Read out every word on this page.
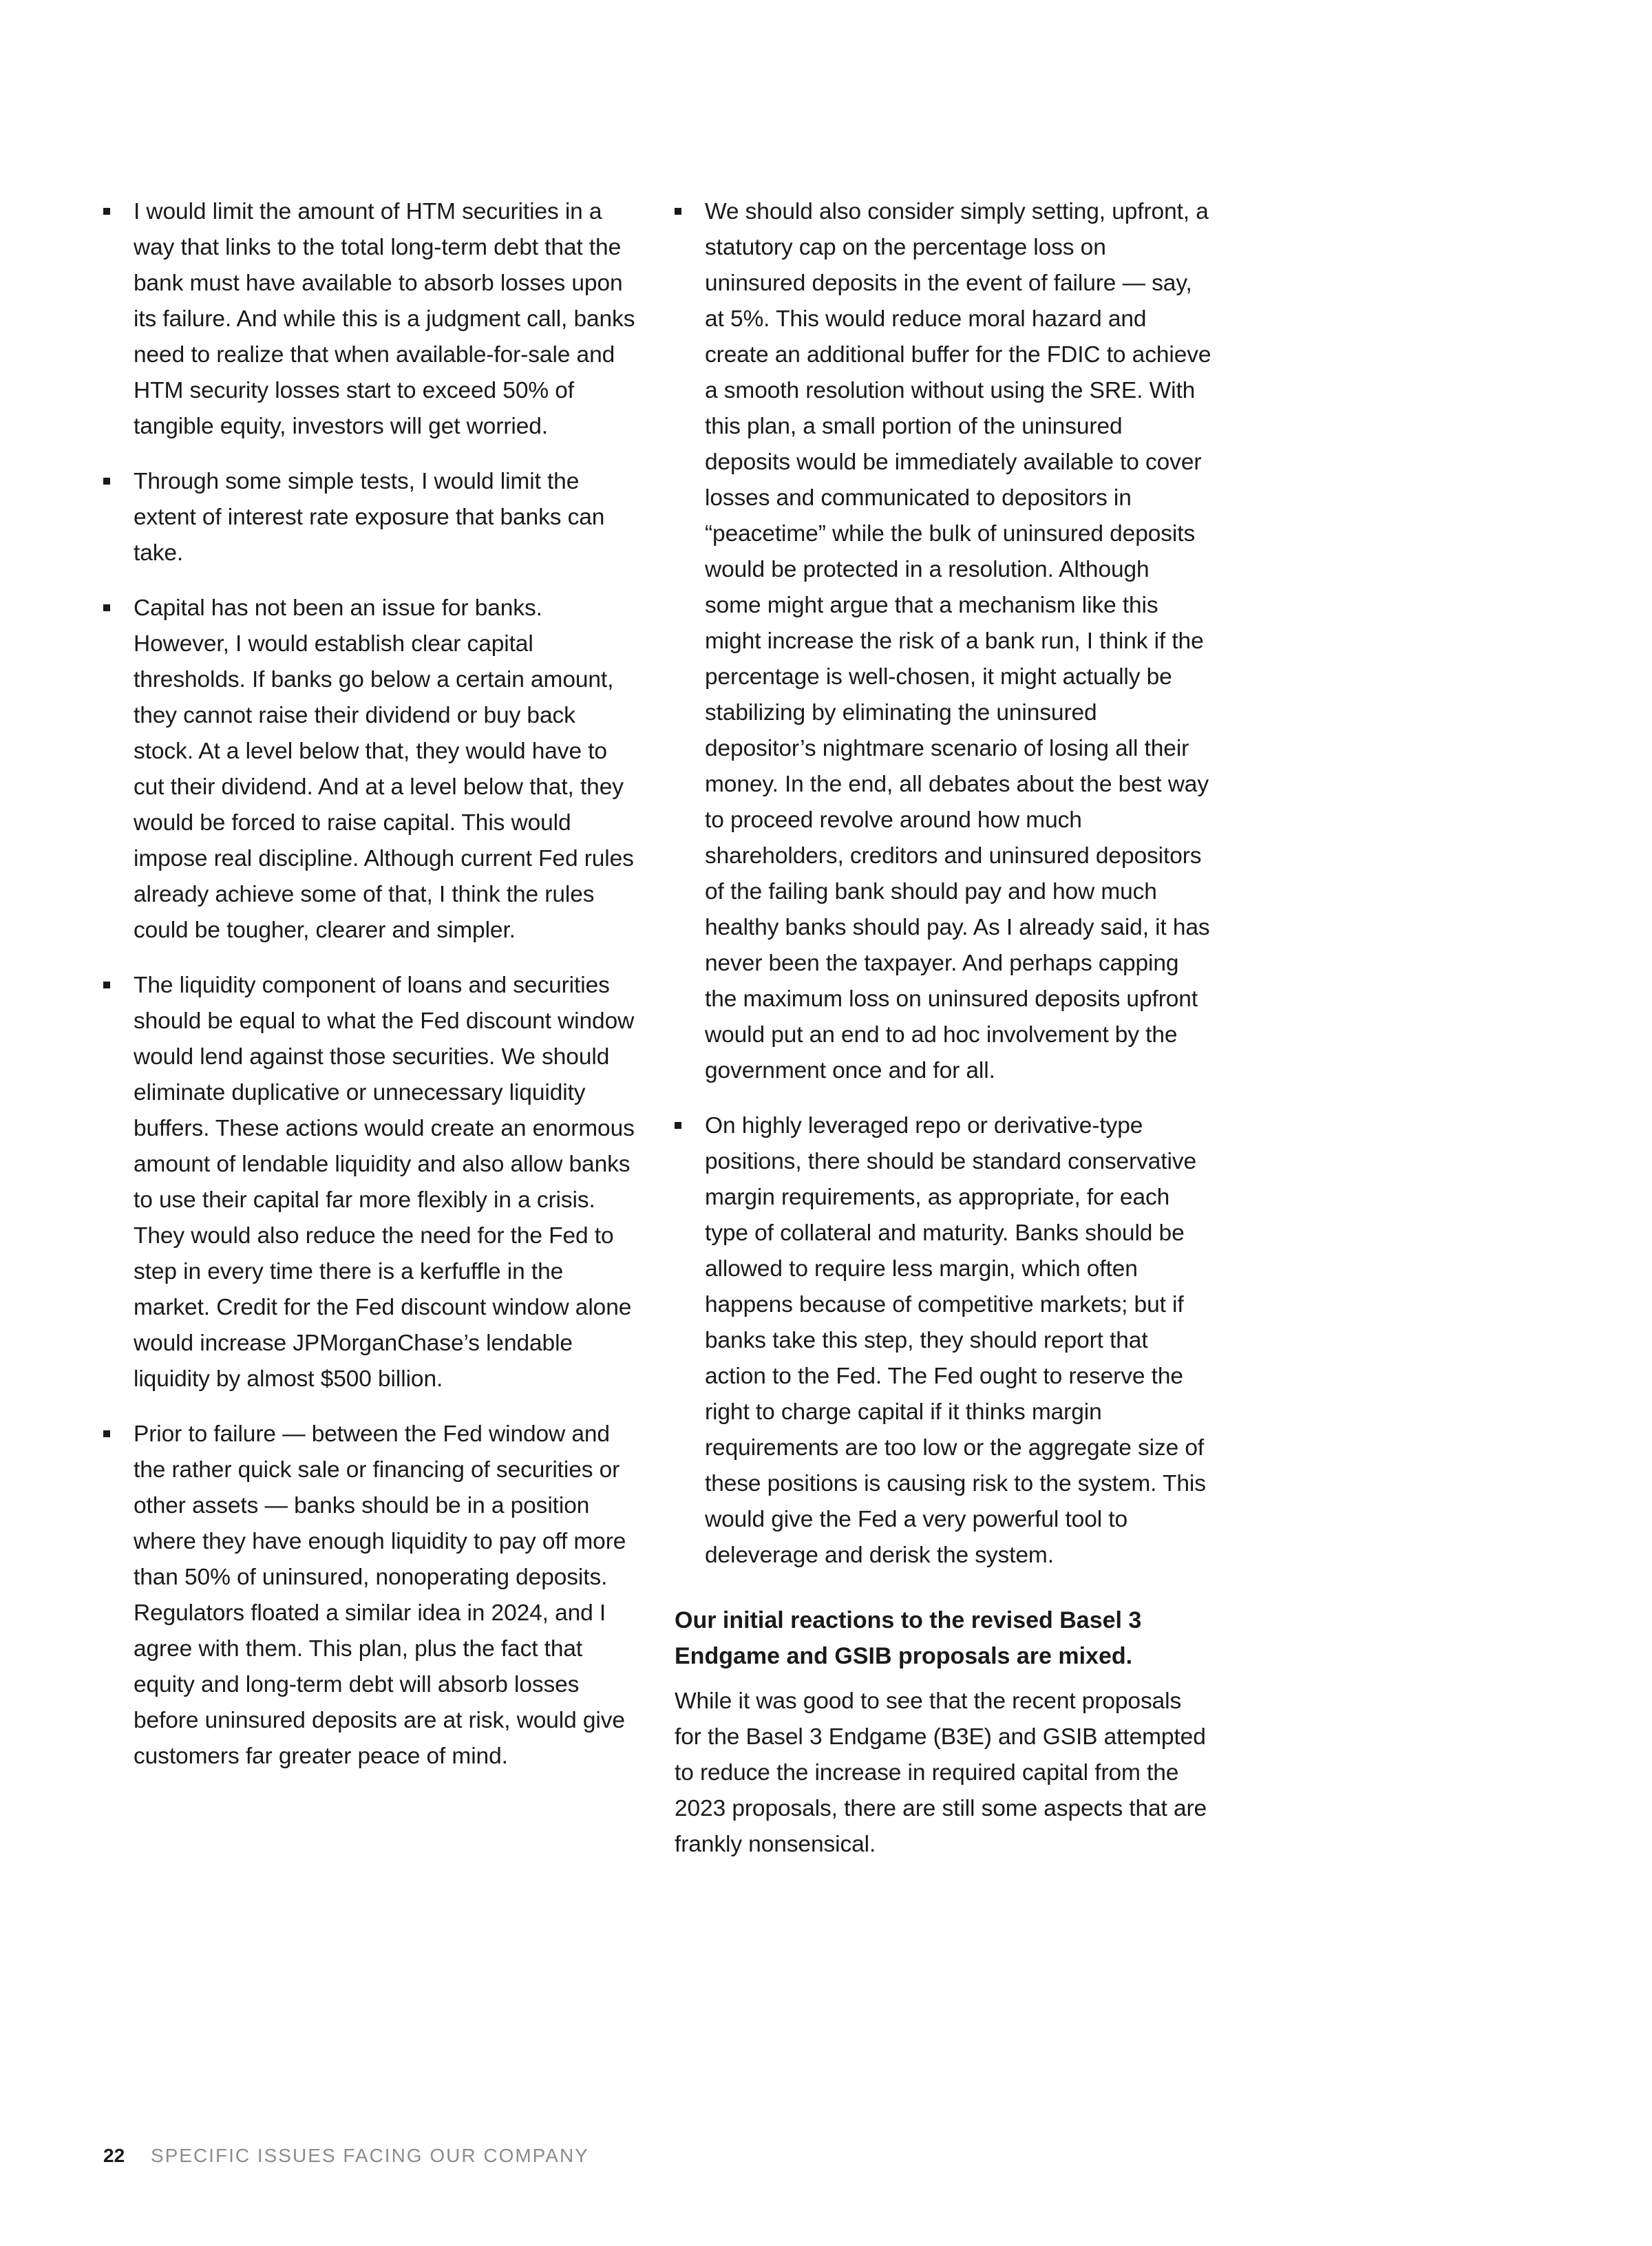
I would limit the amount of HTM securities in a way that links to the total long-term debt that the bank must have available to absorb losses upon its failure. And while this is a judgment call, banks need to realize that when available-for-sale and HTM security losses start to exceed 50% of tangible equity, investors will get worried.
Through some simple tests, I would limit the extent of interest rate exposure that banks can take.
Capital has not been an issue for banks. However, I would establish clear capital thresholds. If banks go below a certain amount, they cannot raise their dividend or buy back stock. At a level below that, they would have to cut their dividend. And at a level below that, they would be forced to raise capital. This would impose real discipline. Although current Fed rules already achieve some of that, I think the rules could be tougher, clearer and simpler.
The liquidity component of loans and securities should be equal to what the Fed discount window would lend against those securities. We should eliminate duplicative or unnecessary liquidity buffers. These actions would create an enormous amount of lendable liquidity and also allow banks to use their capital far more flexibly in a crisis. They would also reduce the need for the Fed to step in every time there is a kerfuffle in the market. Credit for the Fed discount window alone would increase JPMorganChase’s lendable liquidity by almost $500 billion.
Prior to failure — between the Fed window and the rather quick sale or financing of securities or other assets — banks should be in a position where they have enough liquidity to pay off more than 50% of uninsured, nonoperating deposits. Regulators floated a similar idea in 2024, and I agree with them. This plan, plus the fact that equity and long-term debt will absorb losses before uninsured deposits are at risk, would give customers far greater peace of mind.
We should also consider simply setting, upfront, a statutory cap on the percentage loss on uninsured deposits in the event of failure — say, at 5%. This would reduce moral hazard and create an additional buffer for the FDIC to achieve a smooth resolution without using the SRE. With this plan, a small portion of the uninsured deposits would be immediately available to cover losses and communicated to depositors in “peacetime” while the bulk of uninsured deposits would be protected in a resolution. Although some might argue that a mechanism like this might increase the risk of a bank run, I think if the percentage is well-chosen, it might actually be stabilizing by eliminating the uninsured depositor’s nightmare scenario of losing all their money. In the end, all debates about the best way to proceed revolve around how much shareholders, creditors and uninsured depositors of the failing bank should pay and how much healthy banks should pay. As I already said, it has never been the taxpayer. And perhaps capping the maximum loss on uninsured deposits upfront would put an end to ad hoc involvement by the government once and for all.
On highly leveraged repo or derivative-type positions, there should be standard conservative margin requirements, as appropriate, for each type of collateral and maturity. Banks should be allowed to require less margin, which often happens because of competitive markets; but if banks take this step, they should report that action to the Fed. The Fed ought to reserve the right to charge capital if it thinks margin requirements are too low or the aggregate size of these positions is causing risk to the system. This would give the Fed a very powerful tool to deleverage and derisk the system.
Our initial reactions to the revised Basel 3 Endgame and GSIB proposals are mixed.

While it was good to see that the recent proposals for the Basel 3 Endgame (B3E) and GSIB attempted to reduce the increase in required capital from the 2023 proposals, there are still some aspects that are frankly nonsensical.

22 SPECIFIC ISSUES FACING OUR COMPANY
